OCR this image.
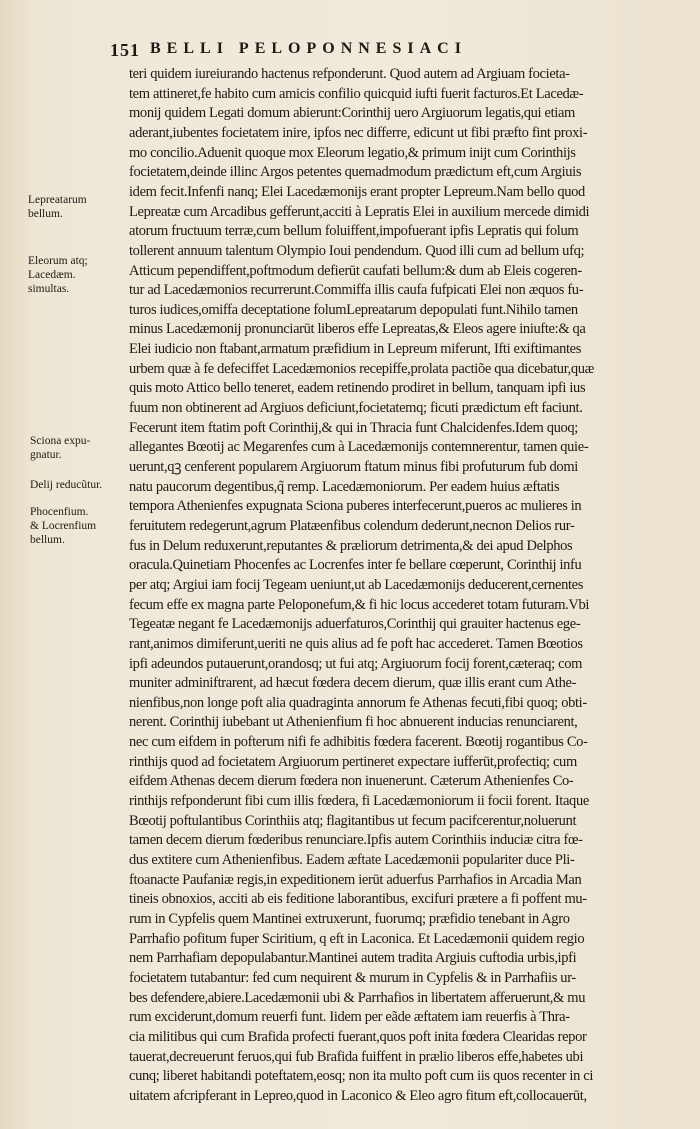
151 BELLI PELOPONNESIACI
Lepreatarum
bellum.
Eleorum atq;
Lacedæm.
simultas.
Sciona expu-
gnatur.
Delij reducũtur.
Phocenfium.
& Locrenfium
bellum.
teri quidem iureiurando hactenus refponderunt. Quod autem ad Argiuam focieta-
tem attineret,fe habito cum amicis confilio quicquid iufti fuerit facturos.Et Lacedæ-
monij quidem Legati domum abierunt:Corinthij uero Argiuorum legatis,qui etiam
aderant,iubentes focietatem inire, ipfos nec differre, edicunt ut fibi præfto fint proxi-
mo concilio.Aduenit quoque mox Eleorum legatio,& primum inijt cum Corinthijs
focietatem,deinde illinc Argos petentes quemadmodum prædictum eft,cum Argiuis
idem fecit.Infenfi nanq; Elei Lacedæmonijs erant propter Lepreum.Nam bello quod
Lepreatæ cum Arcadibus gefferunt,acciti à Lepratis Elei in auxilium mercede dimidi
atorum fructuum terræ,cum bellum foluiffent,impofuerant ipfis Lepratis qui folum
tollerent annuum talentum Olympio Ioui pendendum. Quod illi cum ad bellum ufq;
Atticum pependiffent,poftmodum defierūt caufati bellum:& dum ab Eleis cogeren-
tur ad Lacedæmonios recurrerunt.Commiffa illis caufa fufpicati Elei non æquos fu-
turos iudices,omiffa deceptatione folumLepreatarum depopulati funt.Nihilo tamen
minus Lacedæmonij pronunciarūt liberos effe Lepreatas,& Eleos agere iniufte:& qa
Elei iudicio non ftabant,armatum præfidium in Lepreum miferunt, Ifti exiftimantes
urbem quæ à fe defeciffet Lacedæmonios recepiffe,prolata pactiõe qua dicebatur,quæ
quis moto Attico bello teneret, eadem retinendo prodiret in bellum, tanquam ipfi ius
fuum non obtinerent ad Argiuos deficiunt,focietatemq; ficuti prædictum eft faciunt.
Fecerunt item ftatim poft Corinthij,& qui in Thracia funt Chalcidenfes.Idem quoq;
allegantes Bœotij ac Megarenfes cum à Lacedæmonijs contemnerentur, tamen quie-
uerunt,qꝫ cenferent popularem Argiuorum ftatum minus fibi profuturum fub domi
natu paucorum degentibus,q̃ remp. Lacedæmoniorum. Per eadem huius æftatis
tempora Athenienfes expugnata Sciona puberes interfecerunt,pueros ac mulieres in
feruitutem redegerunt,agrum Platæenfibus colendum dederunt,necnon Delios rur-
fus in Delum reduxerunt,reputantes & præliorum detrimenta,& dei apud Delphos
oracula.Quinetiam Phocenfes ac Locrenfes inter fe bellare cœperunt, Corinthij infu
per atq; Argiui iam focij Tegeam ueniunt,ut ab Lacedæmonijs deducerent,cernentes
fecum effe ex magna parte Peloponefum,& fi hic locus accederet totam futuram.Vbi
Tegeatæ negant fe Lacedæmonijs aduerfaturos,Corinthij qui grauiter hactenus ege-
rant,animos dimiferunt,ueriti ne quis alius ad fe poft hac accederet. Tamen Bœotios
ipfi adeundos putauerunt,orandosq; ut fui atq; Argiuorum focij forent,cæteraq; com
muniter adminiftrarent, ad hæcut fœdera decem dierum, quæ illis erant cum Athe-
nienfibus,non longe poft alia quadraginta annorum fe Athenas fecuti,fibi quoq; obti-
nerent. Corinthij iubebant ut Athenienfium fi hoc abnuerent inducias renunciarent,
nec cum eifdem in pofterum nifi fe adhibitis fœdera facerent. Bœotij rogantibus Co-
rinthijs quod ad focietatem Argiuorum pertineret expectare iufferūt,profectiq; cum
eifdem Athenas decem dierum fœdera non inuenerunt. Cæterum Athenienfes Co-
rinthijs refponderunt fibi cum illis fœdera, fi Lacedæmoniorum ii focii forent. Itaque
Bœotij poftulantibus Corinthiis atq; flagitantibus ut fecum pacifcerentur,noluerunt
tamen decem dierum fœderibus renunciare.Ipfis autem Corinthiis induciæ citra fœ-
dus extitere cum Athenienfibus. Eadem æftate Lacedæmonii populariter duce Pli-
ftoanacte Paufaniæ regis,in expeditionem ierūt aduerfus Parrhafios in Arcadia Man
tineis obnoxios, acciti ab eis feditione laborantibus, excifuri prætere a fi poffent mu-
rum in Cypfelis quem Mantinei extruxerunt, fuorumq; præfidio tenebant in Agro
Parrhafio pofitum fuper Sciritium, q eft in Laconica. Et Lacedæmonii quidem regio
nem Parrhafiam depopulabantur.Mantinei autem tradita Argiuis cuftodia urbis,ipfi
focietatem tutabantur: fed cum nequirent & murum in Cypfelis & in Parrhafiis ur-
bes defendere,abiere.Lacedæmonii ubi & Parrhafios in libertatem afferuerunt,& mu
rum exciderunt,domum reuerfi funt. Iidem per eãde æftatem iam reuerfis à Thra-
cia militibus qui cum Brafida profecti fuerant,quos poft inita fœdera Clearidas repor
tauerat,decreuerunt feruos,qui fub Brafida fuiffent in prælio liberos effe,habetes ubi
cunq; liberet habitandi poteftatem,eosq; non ita multo poft cum iis quos recenter in ci
uitatem afcripferant in Lepreo,quod in Laconico & Eleo agro fitum eft,collocauerūt,
